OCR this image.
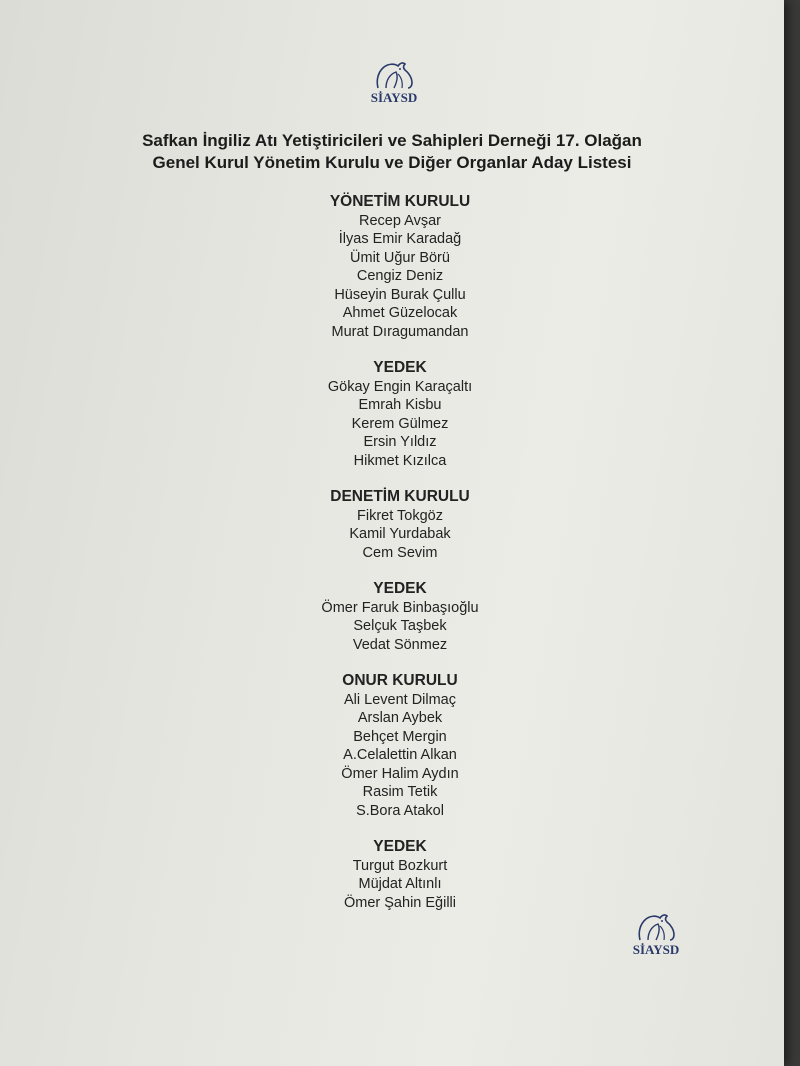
SİAYSD
Safkan İngiliz Atı Yetiştiricileri ve Sahipleri Derneği 17. Olağan
Genel Kurul Yönetim Kurulu ve Diğer Organlar Aday Listesi
YÖNETİM KURULU
Recep Avşar
İlyas Emir Karadağ
Ümit Uğur Börü
Cengiz Deniz
Hüseyin Burak Çullu
Ahmet Güzelocak
Murat Dıragumandan
YEDEK
Gökay Engin Karaçaltı
Emrah Kisbu
Kerem Gülmez
Ersin Yıldız
Hikmet Kızılca
DENETİM KURULU
Fikret Tokgöz
Kamil Yurdabak
Cem Sevim
YEDEK
Ömer Faruk Binbaşıoğlu
Selçuk Taşbek
Vedat Sönmez
ONUR KURULU
Ali Levent Dilmaç
Arslan Aybek
Behçet Mergin
A.Celalettin Alkan
Ömer Halim Aydın
Rasim Tetik
S.Bora Atakol
YEDEK
Turgut Bozkurt
Müjdat Altınlı
Ömer Şahin Eğilli
SİAYSD
